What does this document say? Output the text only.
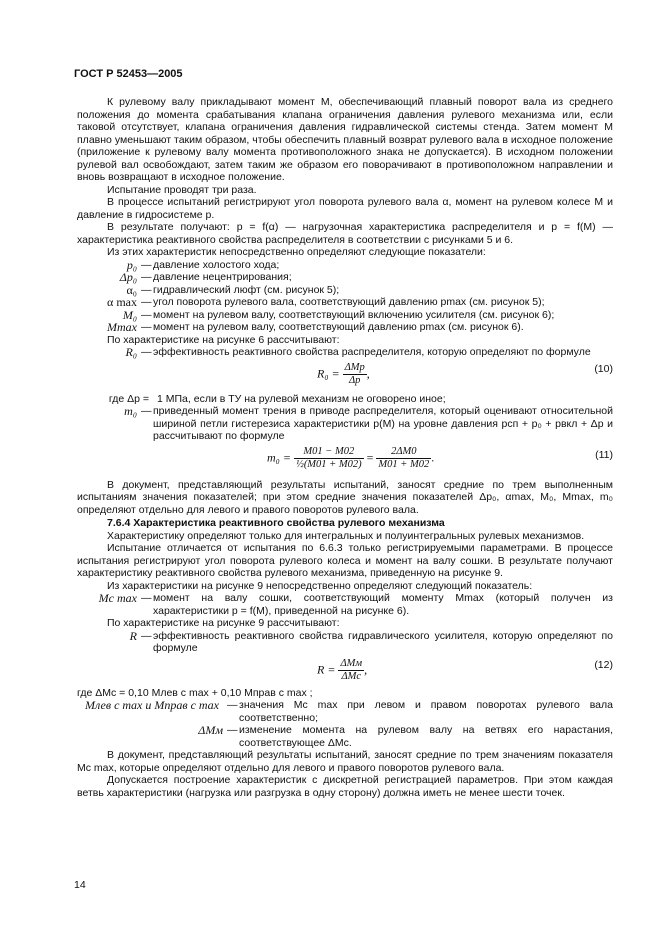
ГОСТ Р 52453—2005

К рулевому валу прикладывают момент M, обеспечивающий плавный поворот вала из среднего положения до момента срабатывания клапана ограничения давления рулевого механизма или, если таковой отсутствует, клапана ограничения давления гидравлической системы стенда. Затем момент M плавно уменьшают таким образом, чтобы обеспечить плавный возврат рулевого вала в исходное положение (приложение к рулевому валу момента противоположного знака не допускается). В исходном положении рулевой вал освобождают, затем таким же образом его поворачивают в противоположном направлении и вновь возвращают в исходное положение.

Испытание проводят три раза.

В процессе испытаний регистрируют угол поворота рулевого вала α, момент на рулевом колесе M и давление в гидросистеме p.

В результате получают: p = f(α) — нагрузочная характеристика распределителя и p = f(M) — характеристика реактивного свойства распределителя в соответствии с рисунками 5 и 6.

Из этих характеристик непосредственно определяют следующие показатели:

p₀ — давление холостого хода;
Δp₀ — давление нецентрирования;
α₀ — гидравлический люфт (см. рисунок 5);
α max — угол поворота рулевого вала, соответствующий давлению pmax (см. рисунок 5);
M₀ — момент на рулевом валу, соответствующий включению усилителя (см. рисунок 6);
Mmax — момент на рулевом валу, соответствующий давлению pmax (см. рисунок 6).

По характеристике на рисунке 6 рассчитывают:

R₀ — эффективность реактивного свойства распределителя, которую определяют по формуле
$R_0 = \frac{\text{ΔMр}}{\Delta p}$ ,	(10)
где Δp = 1 МПа, если в ТУ на рулевой механизм не оговорено иное;
m₀ — приведенный момент трения в приводе распределителя, который оценивают относительной шириной петли гистерезиса характеристики p(M) на уровне давления pсп + p₀ + pвкл + Δp и рассчитывают по формуле
$m_0 = \frac{M01 - M02}{\text{½(M01 + M02)}} = \frac{2\Delta M0}{M01 + M02}$ .	(11)

В документ, представляющий результаты испытаний, заносят средние по трем выполненным испытаниям значения показателей; при этом средние значения показателей Δp₀, αmax, M₀, Mmax, m₀ определяют отдельно для левого и правого поворотов рулевого вала.

7.6.4 Характеристика реактивного свойства рулевого механизма

Характеристику определяют только для интегральных и полуинтегральных рулевых механизмов.

Испытание отличается от испытания по 6.6.3 только регистрируемыми параметрами. В процессе испытания регистрируют угол поворота рулевого колеса и момент на валу сошки. В результате получают характеристику реактивного свойства рулевого механизма, приведенную на рисунке 9.

Из характеристики на рисунке 9 непосредственно определяют следующий показатель:

Mc max — момент на валу сошки, соответствующий моменту Mmax (который получен из характеристики p = f(M), приведенной на рисунке 6).

По характеристике на рисунке 9 рассчитывают:

R — эффективность реактивного свойства гидравлического усилителя, которую определяют по формуле
$R = \frac{\text{ΔMм}}{\text{ΔMc}}$ ,	(12)

где ΔMc = 0,10 Mлев c max + 0,10 Mправ c max ;

Mлев c max и Mправ c max — значения Mc max при левом и правом поворотах рулевого вала соответственно;
ΔMм — изменение момента на рулевом валу на ветвях его нарастания, соответствующее ΔMc.

В документ, представляющий результаты испытаний, заносят средние по трем значениям показателя Mc max, которые определяют отдельно для левого и правого поворотов рулевого вала.

Допускается построение характеристик с дискретной регистрацией параметров. При этом каждая ветвь характеристики (нагрузка или разгрузка в одну сторону) должна иметь не менее шести точек.

14
